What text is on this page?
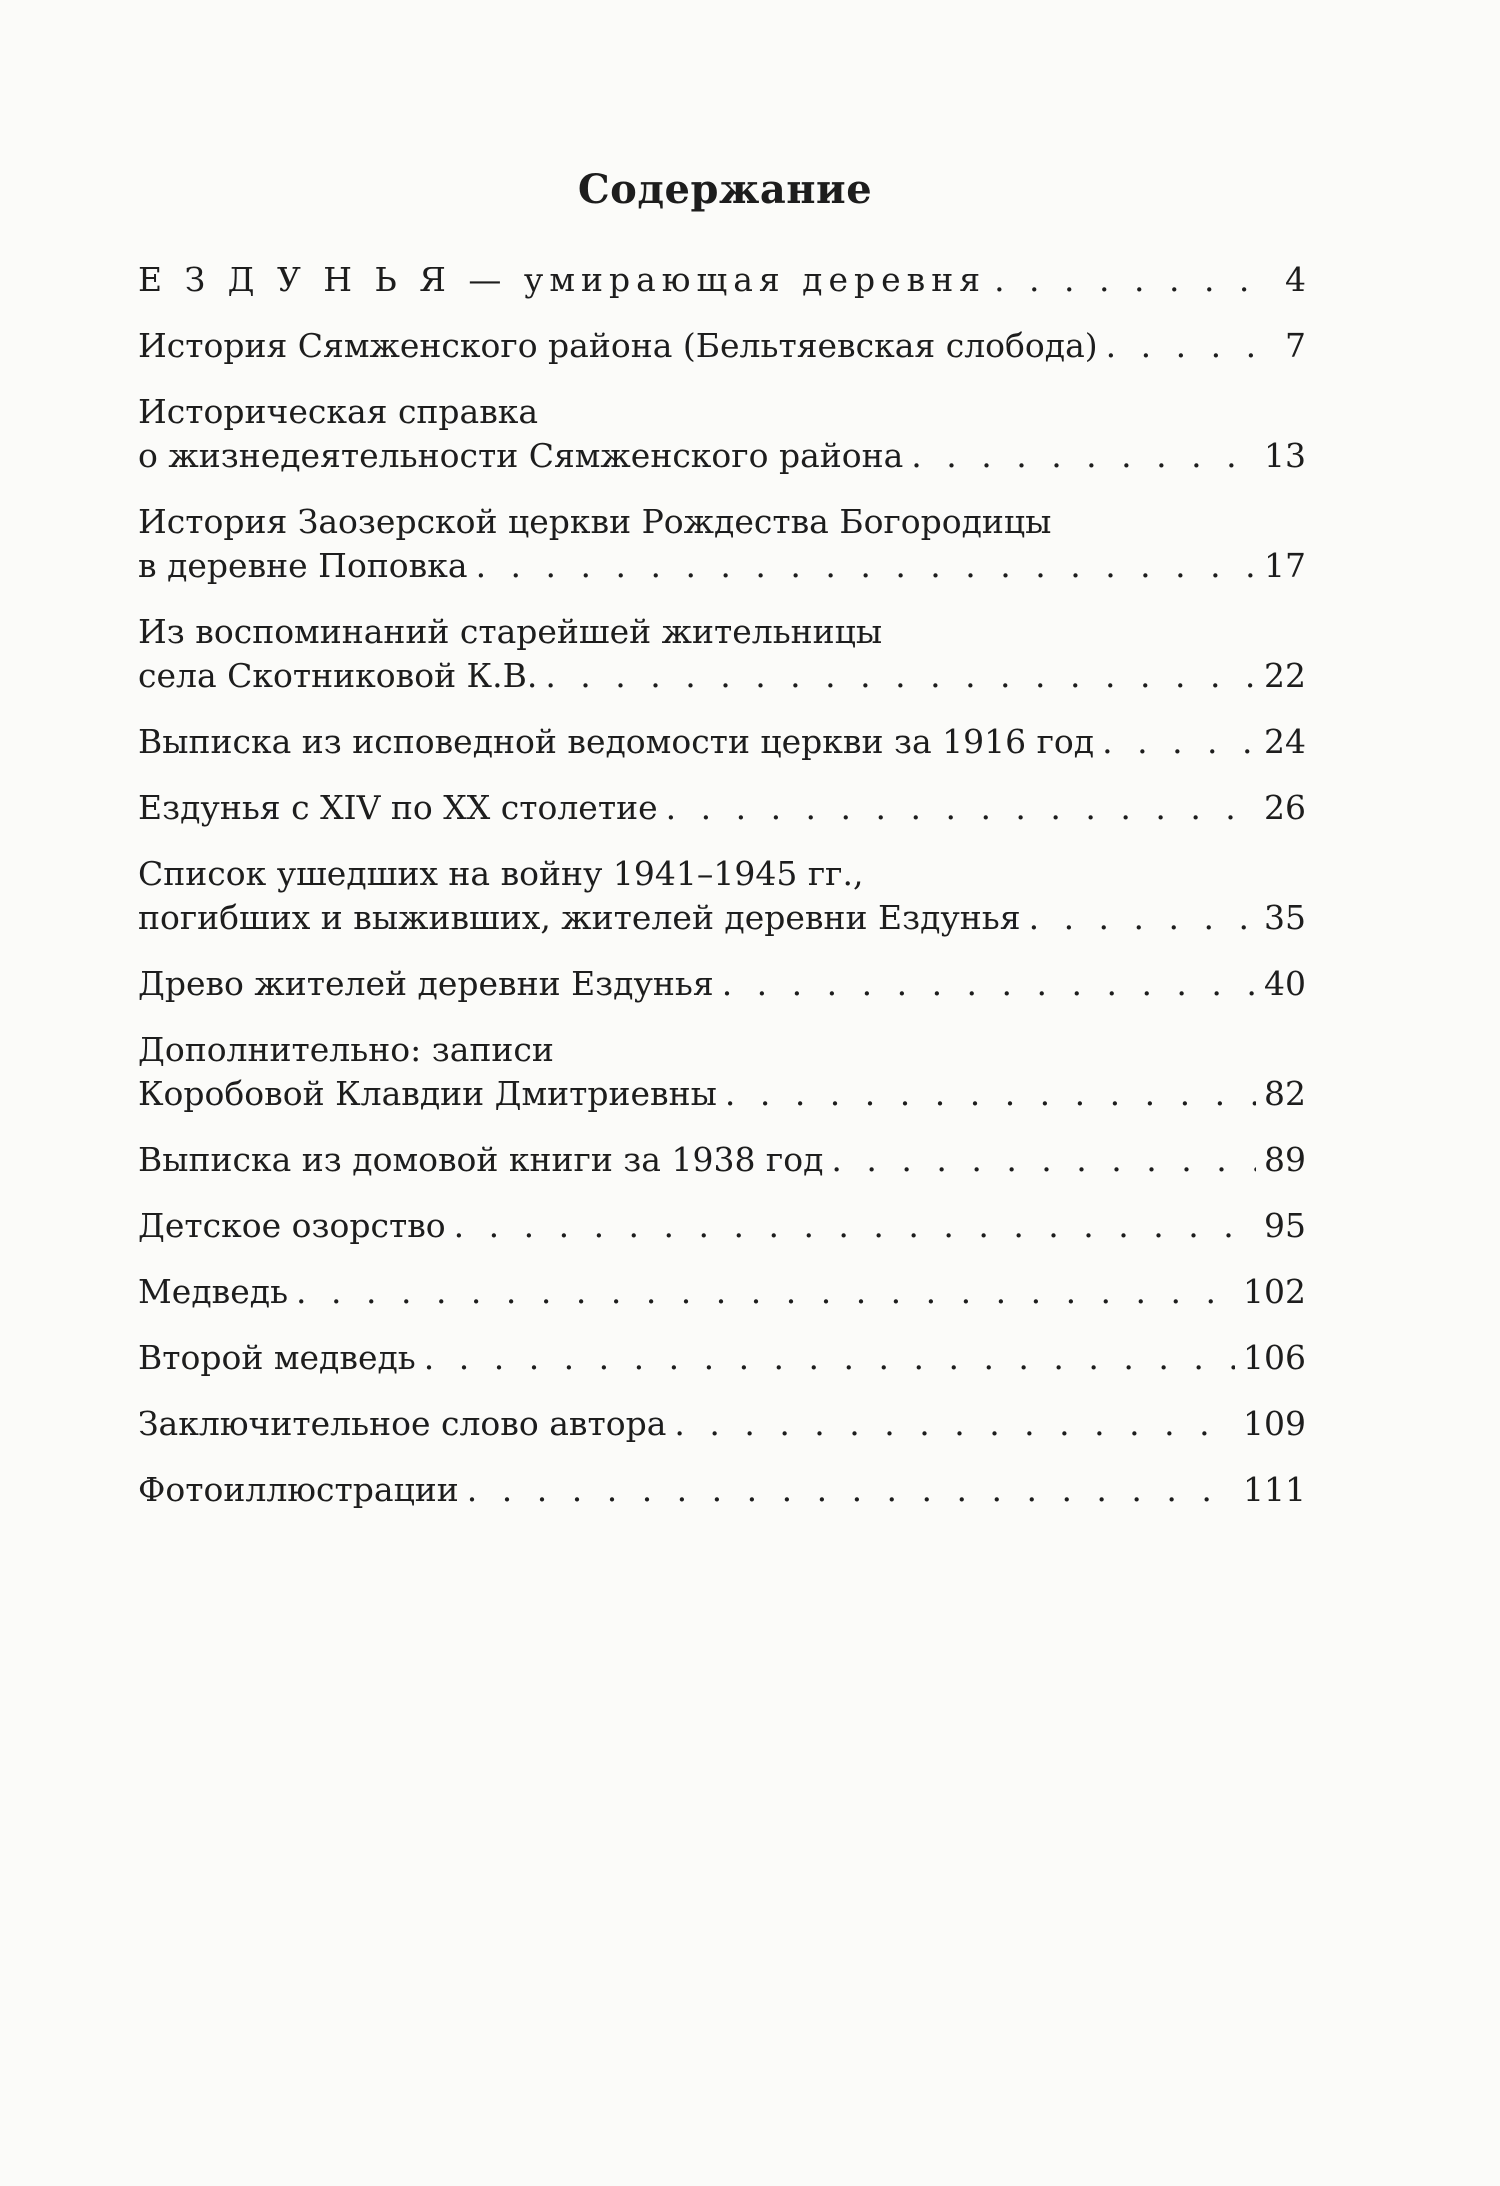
Содержание
Е З Д У Н Ь Я — умирающая деревня . . .	4
История Сямженского района (Бельтяевская слобода) . . .	7
Историческая справка
о жизнедеятельности Сямженского района . . .	13
История Заозерской церкви Рождества Богородицы
в деревне Поповка . . .	17
Из воспоминаний старейшей жительницы
села Скотниковой К.В. . . .	22
Выписка из исповедной ведомости церкви за 1916 год . . .	24
Ездунья с XIV по XX столетие . . .	26
Список ушедших на войну 1941–1945 гг.,
погибших и выживших, жителей деревни Ездунья . . .	35
Древо жителей деревни Ездунья . . .	40
Дополнительно: записи
Коробовой Клавдии Дмитриевны . . .	82
Выписка из домовой книги за 1938 год . . .	89
Детское озорство . . .	95
Медведь . . .	102
Второй медведь . . .	106
Заключительное слово автора . . .	109
Фотоиллюстрации . . .	111
